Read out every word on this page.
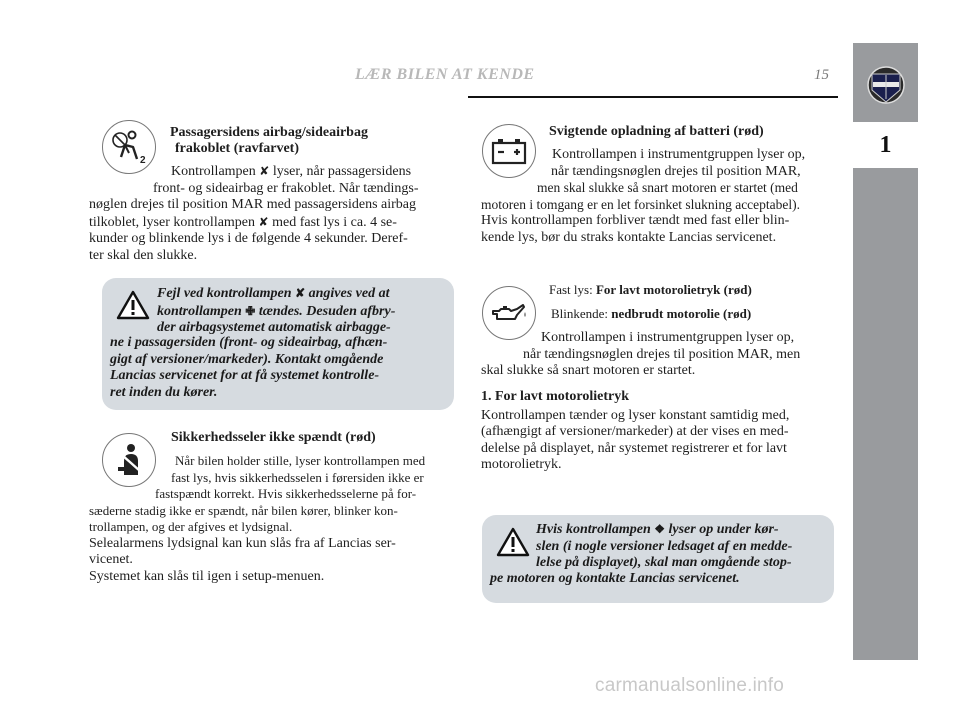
LÆR BILEN AT KENDE	15
1
2
Passagersidens airbag/sideairbag
frakoblet (ravfarvet)

Kontrollampen ✘ lyser, når passagersidens

front- og sideairbag er frakoblet. Når tændings-

nøglen drejes til position MAR med passagersidens airbag

tilkoblet, lyser kontrollampen ✘ med fast lys i ca. 4 se-

kunder og blinkende lys i de følgende 4 sekunder. Deref-

ter skal den slukke.

Fejl ved kontrollampen ✘ angives ved at
kontrollampen ✙ tændes. Desuden afbry-
der airbagsystemet automatisk airbagge-
ne i passagersiden (front- og sideairbag, afhæn-
gigt af versioner/markeder). Kontakt omgående
Lancias servicenet for at få systemet kontrolle-
ret inden du kører.
Sikkerhedsseler ikke spændt (rød)

Når bilen holder stille, lyser kontrollampen med

fast lys, hvis sikkerhedsselen i førersiden ikke er

fastspændt korrekt. Hvis sikkerhedsselerne på for-

sæderne stadig ikke er spændt, når bilen kører, blinker kon-

trollampen, og der afgives et lydsignal.

Selealarmens lydsignal kan kun slås fra af Lancias ser-

vicenet.

Systemet kan slås til igen i setup-menuen.

Svigtende opladning af batteri (rød)

Kontrollampen i instrumentgruppen lyser op,

når tændingsnøglen drejes til position MAR,

men skal slukke så snart motoren er startet (med

motoren i tomgang er en let forsinket slukning acceptabel).

Hvis kontrollampen forbliver tændt med fast eller blin-

kende lys, bør du straks kontakte Lancias servicenet.

Fast lys: For lavt motorolietryk (rød)

Blinkende: nedbrudt motorolie (rød)

Kontrollampen i instrumentgruppen lyser op,

når tændingsnøglen drejes til position MAR, men

skal slukke så snart motoren er startet.

1. For lavt motorolietryk

Kontrollampen tænder og lyser konstant samtidig med,

(afhængigt af versioner/markeder) at der vises en med-

delelse på displayet, når systemet registrerer et for lavt

motorolietryk.

Hvis kontrollampen ❖ lyser op under kør-
slen (i nogle versioner ledsaget af en medde-
lelse på displayet), skal man omgående stop-
pe motoren og kontakte Lancias servicenet.
carmanualsonline.info
